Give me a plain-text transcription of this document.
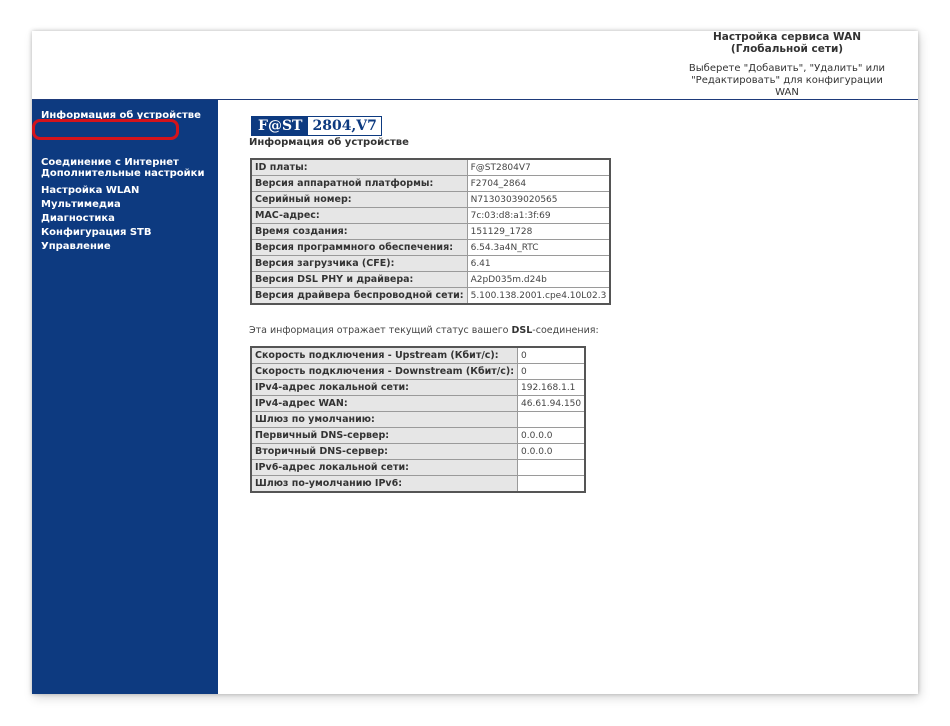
Настройка сервиса WAN (Глобальной сети)
Выберете "Добавить", "Удалить" или "Редактировать" для конфигурации WAN
Информация об устройстве
Соединение с Интернет
Дополнительные настройки
Настройка WLAN
Мультимедиа
Диагностика
Конфигурация STB
Управление
F@ST 2804,V7
Информация об устройстве
ID платы:	F@ST2804V7
Версия аппаратной платформы:	F2704_2864
Серийный номер:	N71303039020565
MAC-адрес:	7c:03:d8:a1:3f:69
Время создания:	151129_1728
Версия программного обеспечения:	6.54.3a4N_RTC
Версия загрузчика (CFE):	6.41
Версия DSL PHY и драйвера:	A2pD035m.d24b
Версия драйвера беспроводной сети:	5.100.138.2001.cpe4.10L02.3
Эта информация отражает текущий статус вашего DSL-соединения:
Скорость подключения - Upstream (Кбит/с):	0
Скорость подключения - Downstream (Кбит/с):	0
IPv4-адрес локальной сети:	192.168.1.1
IPv4-адрес WAN:	46.61.94.150
Шлюз по умолчанию:	
Первичный DNS-сервер:	0.0.0.0
Вторичный DNS-сервер:	0.0.0.0
IPv6-адрес локальной сети:	
Шлюз по-умолчанию IPv6:	
